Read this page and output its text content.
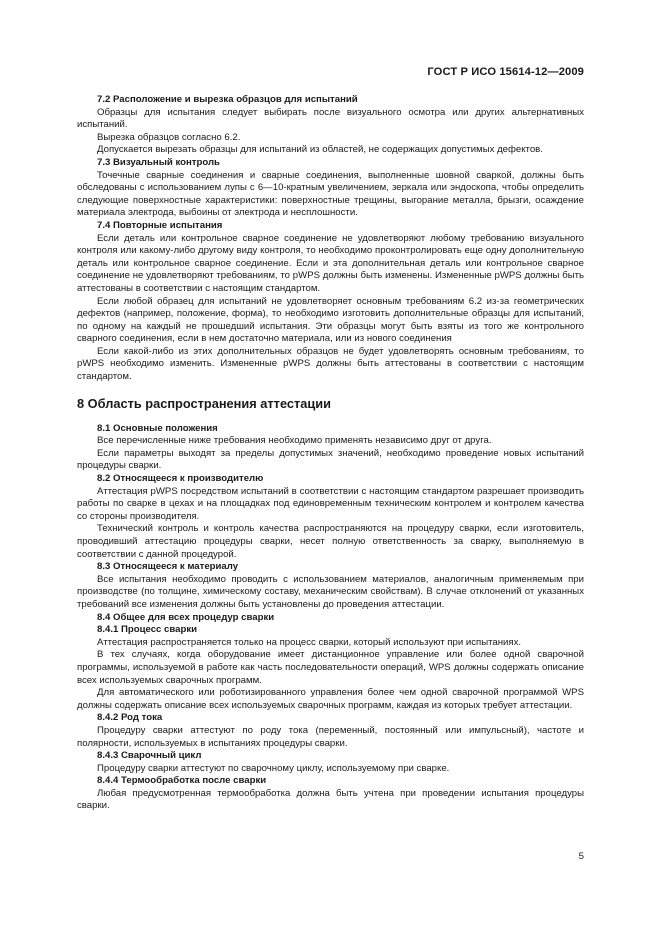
ГОСТ Р ИСО 15614-12—2009
7.2 Расположение и вырезка образцов для испытаний

Образцы для испытания следует выбирать после визуального осмотра или других альтернативных испытаний.

Вырезка образцов согласно 6.2.

Допускается вырезать образцы для испытаний из областей, не содержащих допустимых дефектов.

7.3 Визуальный контроль

Точечные сварные соединения и сварные соединения, выполненные шовной сваркой, должны быть обследованы с использованием лупы с 6—10-кратным увеличением, зеркала или эндоскопа, чтобы определить следующие поверхностные характеристики: поверхностные трещины, выгорание металла, брызги, осаждение материала электрода, выбоины от электрода и несплошности.

7.4 Повторные испытания

Если деталь или контрольное сварное соединение не удовлетворяют любому требованию визуального контроля или какому-либо другому виду контроля, то необходимо проконтролировать еще одну дополнительную деталь или контрольное сварное соединение. Если и эта дополнительная деталь или контрольное сварное соединение не удовлетворяют требованиям, то pWPS должны быть изменены. Измененные pWPS должны быть аттестованы в соответствии с настоящим стандартом.

Если любой образец для испытаний не удовлетворяет основным требованиям 6.2 из-за геометрических дефектов (например, положение, форма), то необходимо изготовить дополнительные образцы для испытаний, по одному на каждый не прошедший испытания. Эти образцы могут быть взяты из того же контрольного сварного соединения, если в нем достаточно материала, или из нового соединения

Если какой-либо из этих дополнительных образцов не будет удовлетворять основным требованиям, то pWPS необходимо изменить. Измененные pWPS должны быть аттестованы в соответствии с настоящим стандартом.

8 Область распространения аттестации
8.1 Основные положения

Все перечисленные ниже требования необходимо применять независимо друг от друга.

Если параметры выходят за пределы допустимых значений, необходимо проведение новых испытаний процедуры сварки.

8.2 Относящееся к производителю

Аттестация pWPS посредством испытаний в соответствии с настоящим стандартом разрешает производить работы по сварке в цехах и на площадках под единовременным техническим контролем и контролем качества со стороны производителя.

Технический контроль и контроль качества распространяются на процедуру сварки, если изготовитель, проводивший аттестацию процедуры сварки, несет полную ответственность за сварку, выполняемую в соответствии с данной процедурой.

8.3 Относящееся к материалу

Все испытания необходимо проводить с использованием материалов, аналогичным применяемым при производстве (по толщине, химическому составу, механическим свойствам). В случае отклонений от указанных требований все изменения должны быть установлены до проведения аттестации.

8.4 Общее для всех процедур сварки
8.4.1 Процесс сварки

Аттестация распространяется только на процесс сварки, который используют при испытаниях.

В тех случаях, когда оборудование имеет дистанционное управление или более одной сварочной программы, используемой в работе как часть последовательности операций, WPS должны содержать описание всех используемых сварочных программ.

Для автоматического или роботизированного управления более чем одной сварочной программой WPS должны содержать описание всех используемых сварочных программ, каждая из которых требует аттестации.

8.4.2 Род тока

Процедуру сварки аттестуют по роду тока (переменный, постоянный или импульсный), частоте и полярности, используемых в испытаниях процедуры сварки.

8.4.3 Сварочный цикл

Процедуру сварки аттестуют по сварочному циклу, используемому при сварке.

8.4.4 Термообработка после сварки

Любая предусмотренная термообработка должна быть учтена при проведении испытания процедуры сварки.

5
